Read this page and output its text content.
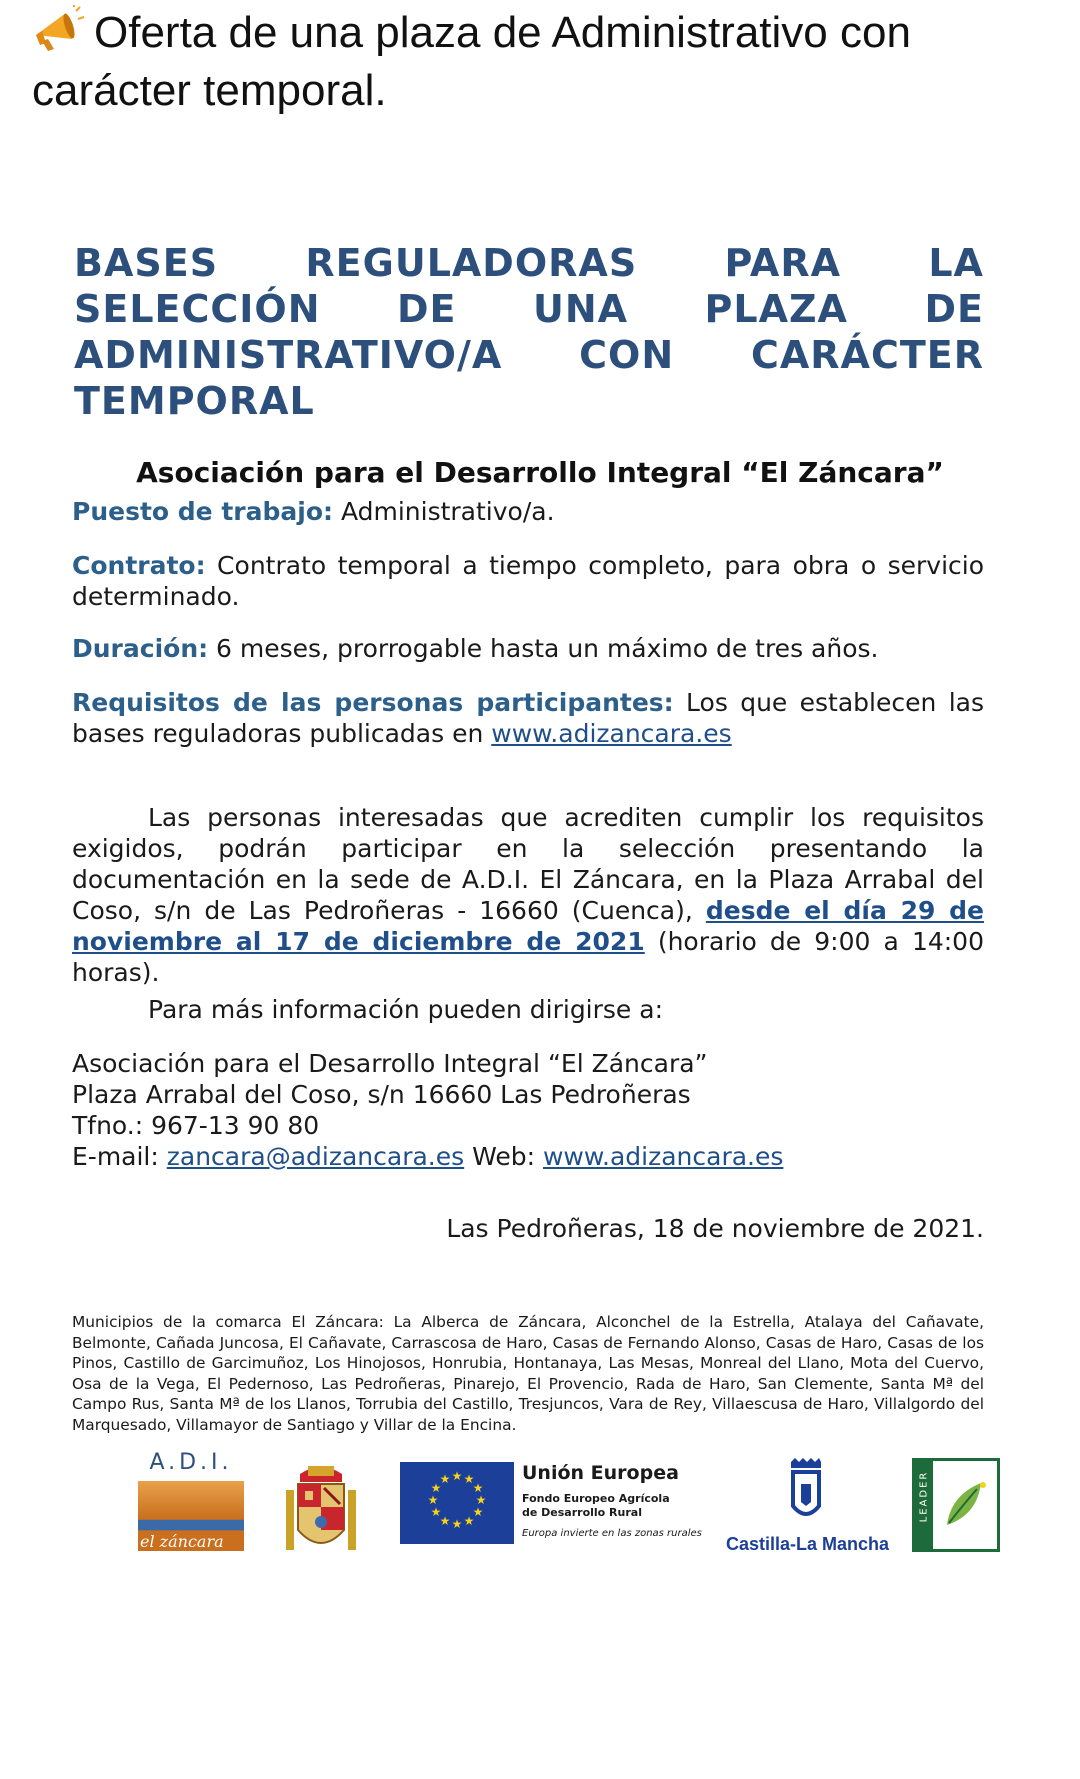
Oferta de una plaza de Administrativo con carácter temporal.
BASES REGULADORAS PARA LA
SELECCIÓN DE UNA PLAZA DE
ADMINISTRATIVO/A CON CARÁCTER
TEMPORAL
Asociación para el Desarrollo Integral “El Záncara”
Puesto de trabajo: Administrativo/a.
Contrato: Contrato temporal a tiempo completo, para obra o servicio determinado.
Duración: 6 meses, prorrogable hasta un máximo de tres años.
Requisitos de las personas participantes: Los que establecen las bases reguladoras publicadas en www.adizancara.es
Las personas interesadas que acrediten cumplir los requisitos exigidos, podrán participar en la selección presentando la documentación en la sede de A.D.I. El Záncara, en la Plaza Arrabal del Coso, s/n de Las Pedroñeras - 16660 (Cuenca), desde el día 29 de noviembre al 17 de diciembre de 2021 (horario de 9:00 a 14:00 horas).
Para más información pueden dirigirse a:
Asociación para el Desarrollo Integral “El Záncara”
Plaza Arrabal del Coso, s/n 16660 Las Pedroñeras
Tfno.: 967-13 90 80
E-mail: zancara@adizancara.es Web: www.adizancara.es
Las Pedroñeras, 18 de noviembre de 2021.
Municipios de la comarca El Záncara: La Alberca de Záncara, Alconchel de la Estrella, Atalaya del Cañavate, Belmonte, Cañada Juncosa, El Cañavate, Carrascosa de Haro, Casas de Fernando Alonso, Casas de Haro, Casas de los Pinos, Castillo de Garcimuñoz, Los Hinojosos, Honrubia, Hontanaya, Las Mesas, Monreal del Llano, Mota del Cuervo, Osa de la Vega, El Pedernoso, Las Pedroñeras, Pinarejo, El Provencio, Rada de Haro, San Clemente, Santa Mª del Campo Rus, Santa Mª de los Llanos, Torrubia del Castillo, Tresjuncos, Vara de Rey, Villaescusa de Haro, Villalgordo del Marquesado, Villamayor de Santiago y Villar de la Encina.
A.D.I.
el záncara
★ ★
★
★
★
★
★
★
★
★
★
★	Unión Europea
Fondo Europeo Agrícola
de Desarrollo Rural
Europa invierte en las zonas rurales
Castilla-La Mancha
LEADER
